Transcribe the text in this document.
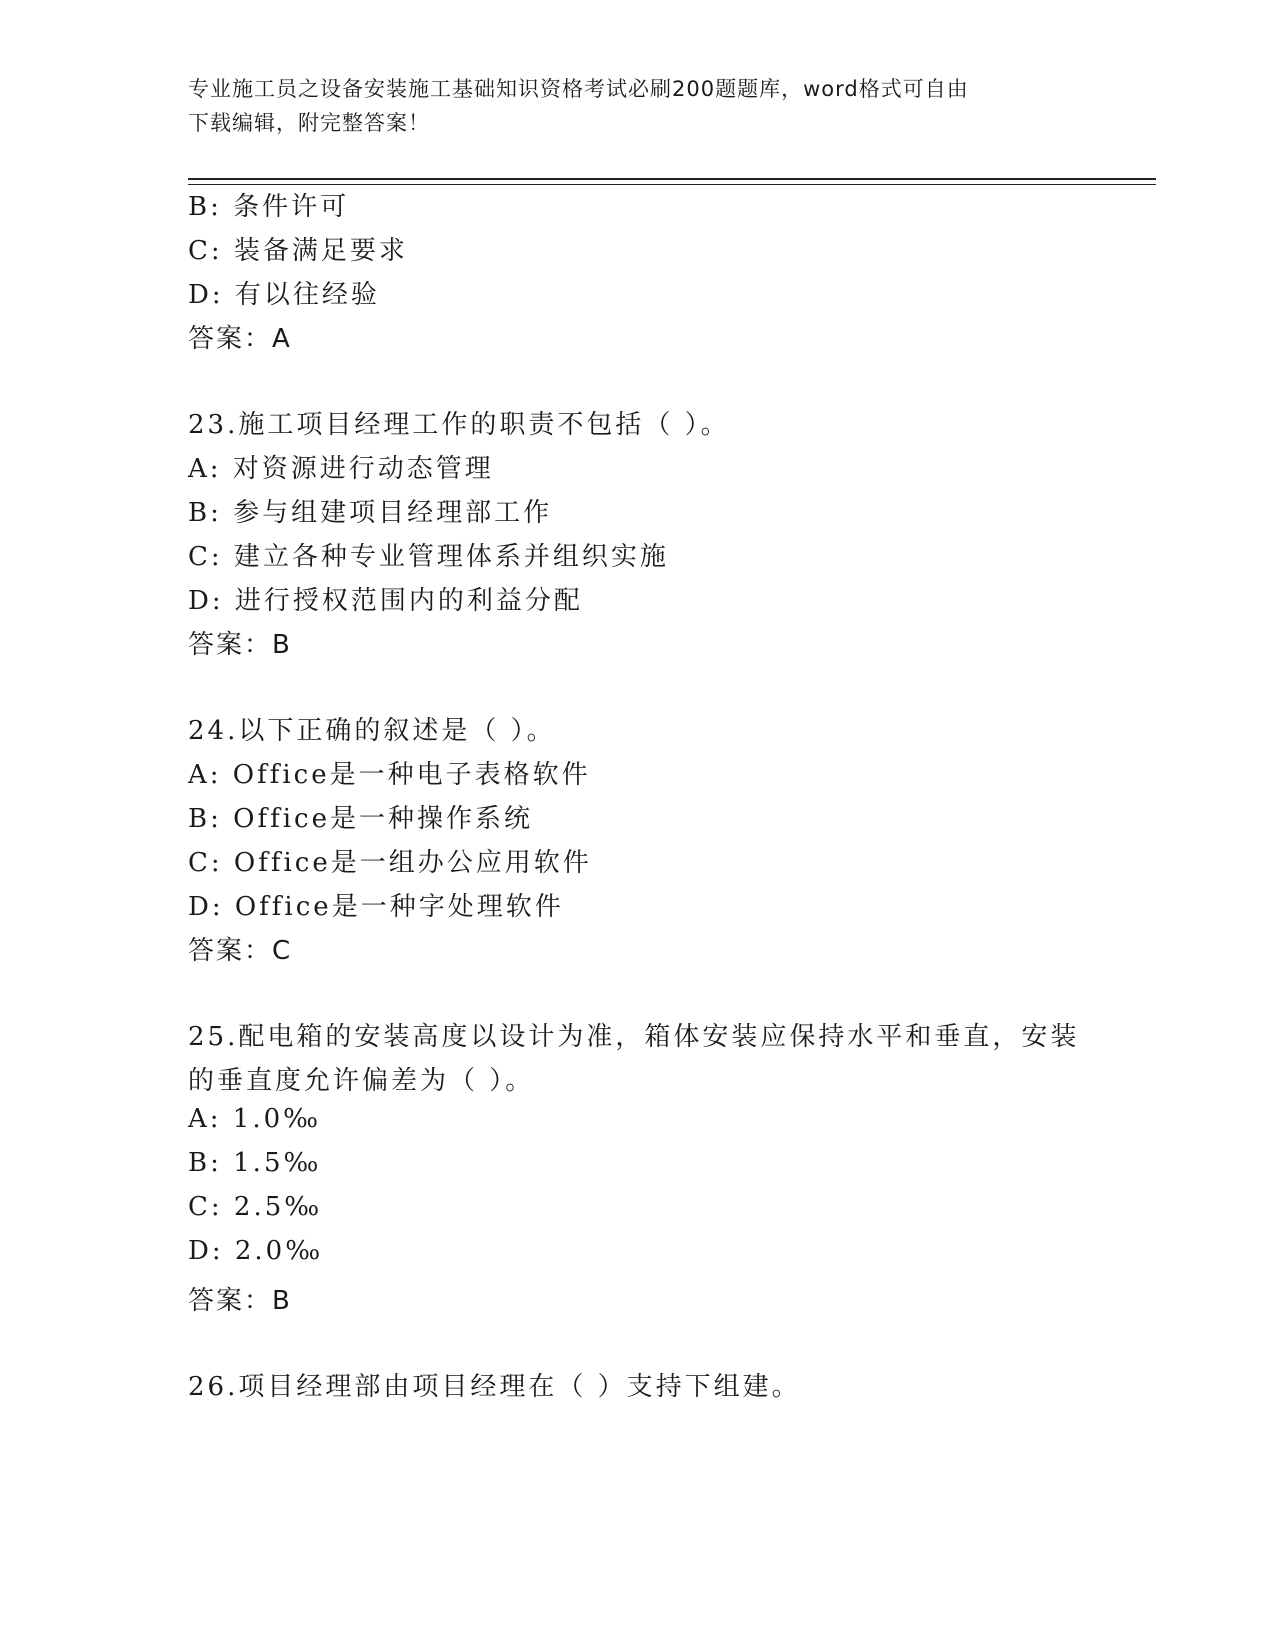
专业施工员之设备安装施工基础知识资格考试必刷200题题库，word格式可自由
下载编辑，附完整答案！
B: 条件许可
C: 装备满足要求
D: 有以往经验
答案：A
23.施工项目经理工作的职责不包括（ ）。
A: 对资源进行动态管理
B: 参与组建项目经理部工作
C: 建立各种专业管理体系并组织实施
D: 进行授权范围内的利益分配
答案：B
24.以下正确的叙述是（ ）。
A: Office是一种电子表格软件
B: Office是一种操作系统
C: Office是一组办公应用软件
D: Office是一种字处理软件
答案：C
25.配电箱的安装高度以设计为准，箱体安装应保持水平和垂直，安装
的垂直度允许偏差为（ ）。
A: 1.0‰
B: 1.5‰
C: 2.5‰
D: 2.0‰
答案：B
26.项目经理部由项目经理在（ ）支持下组建。
